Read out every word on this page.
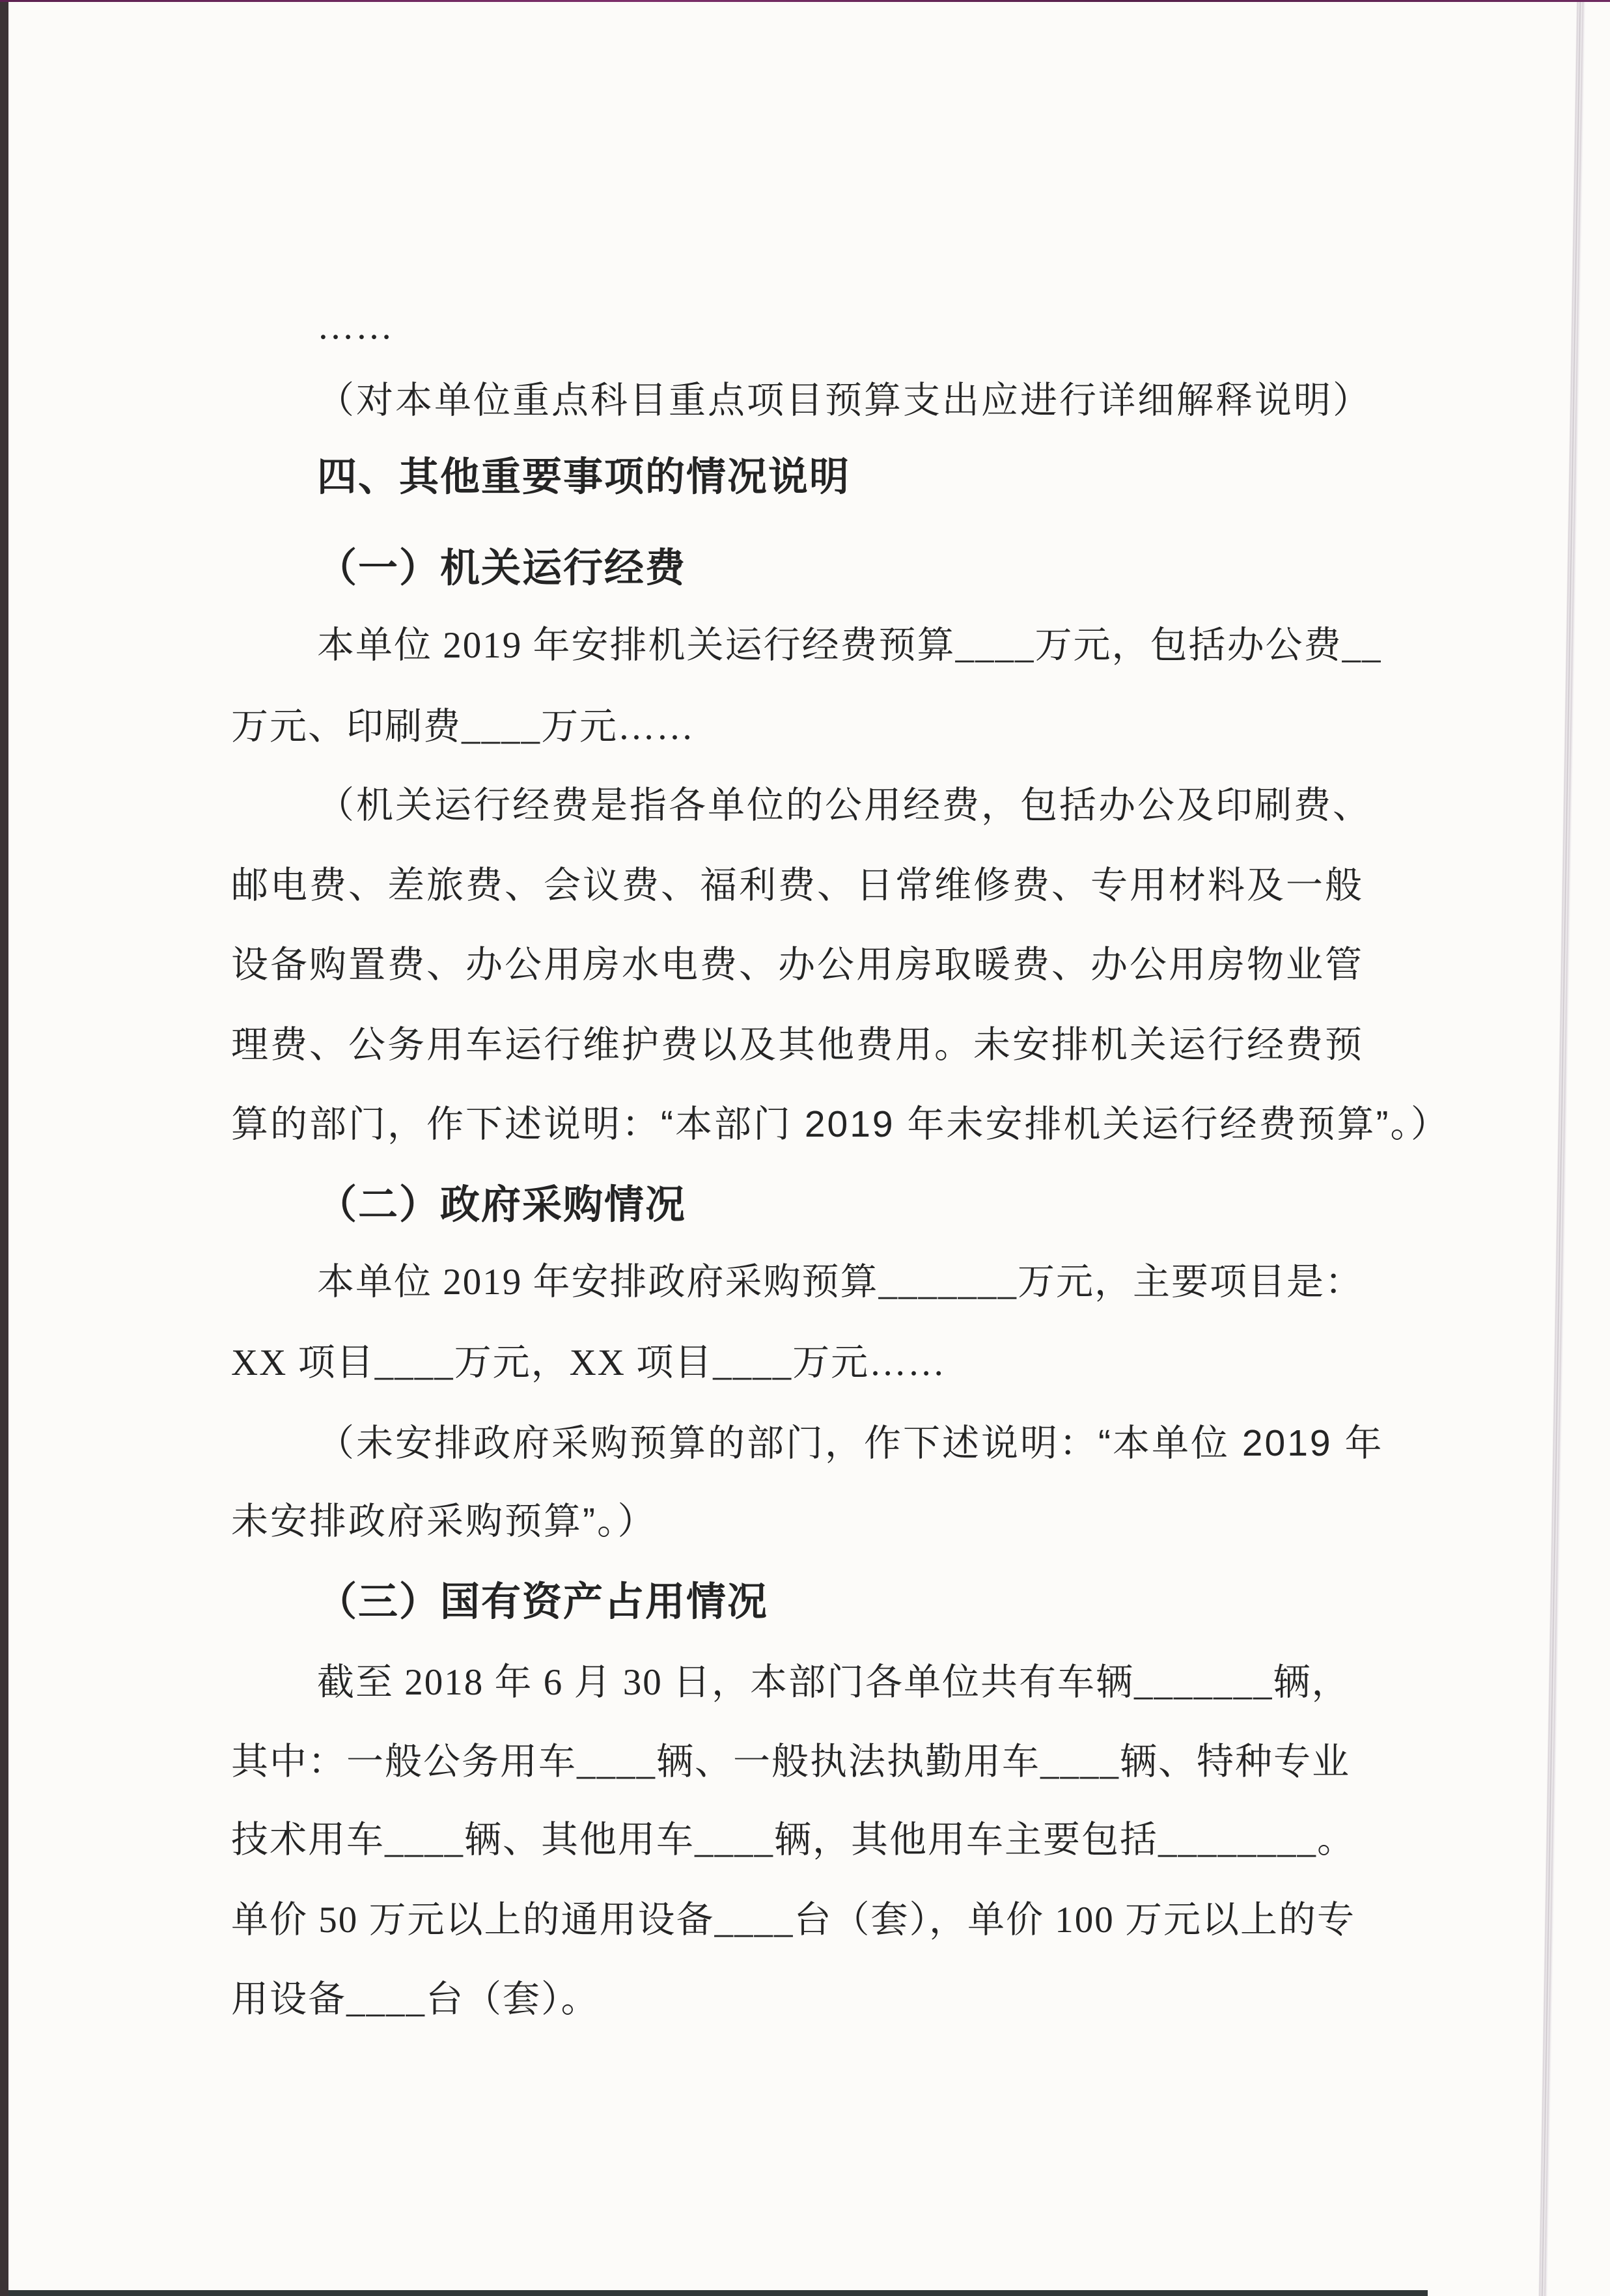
……
（对本单位重点科目重点项目预算支出应进行详细解释说明）
四、其他重要事项的情况说明
（一）机关运行经费
本单位 2019 年安排机关运行经费预算____万元，包括办公费__
万元、印刷费____万元……
（机关运行经费是指各单位的公用经费，包括办公及印刷费、
邮电费、差旅费、会议费、福利费、日常维修费、专用材料及一般
设备购置费、办公用房水电费、办公用房取暖费、办公用房物业管
理费、公务用车运行维护费以及其他费用。未安排机关运行经费预
算的部门，作下述说明：“本部门 2019 年未安排机关运行经费预算”。）
（二）政府采购情况
本单位 2019 年安排政府采购预算_______万元，主要项目是：
XX 项目____万元，XX 项目____万元……
（未安排政府采购预算的部门，作下述说明：“本单位 2019 年
未安排政府采购预算”。）
（三）国有资产占用情况
截至 2018 年 6 月 30 日，本部门各单位共有车辆_______辆，
其中：一般公务用车____辆、一般执法执勤用车____辆、特种专业
技术用车____辆、其他用车____辆，其他用车主要包括________。
单价 50 万元以上的通用设备____台（套），单价 100 万元以上的专
用设备____台（套）。
